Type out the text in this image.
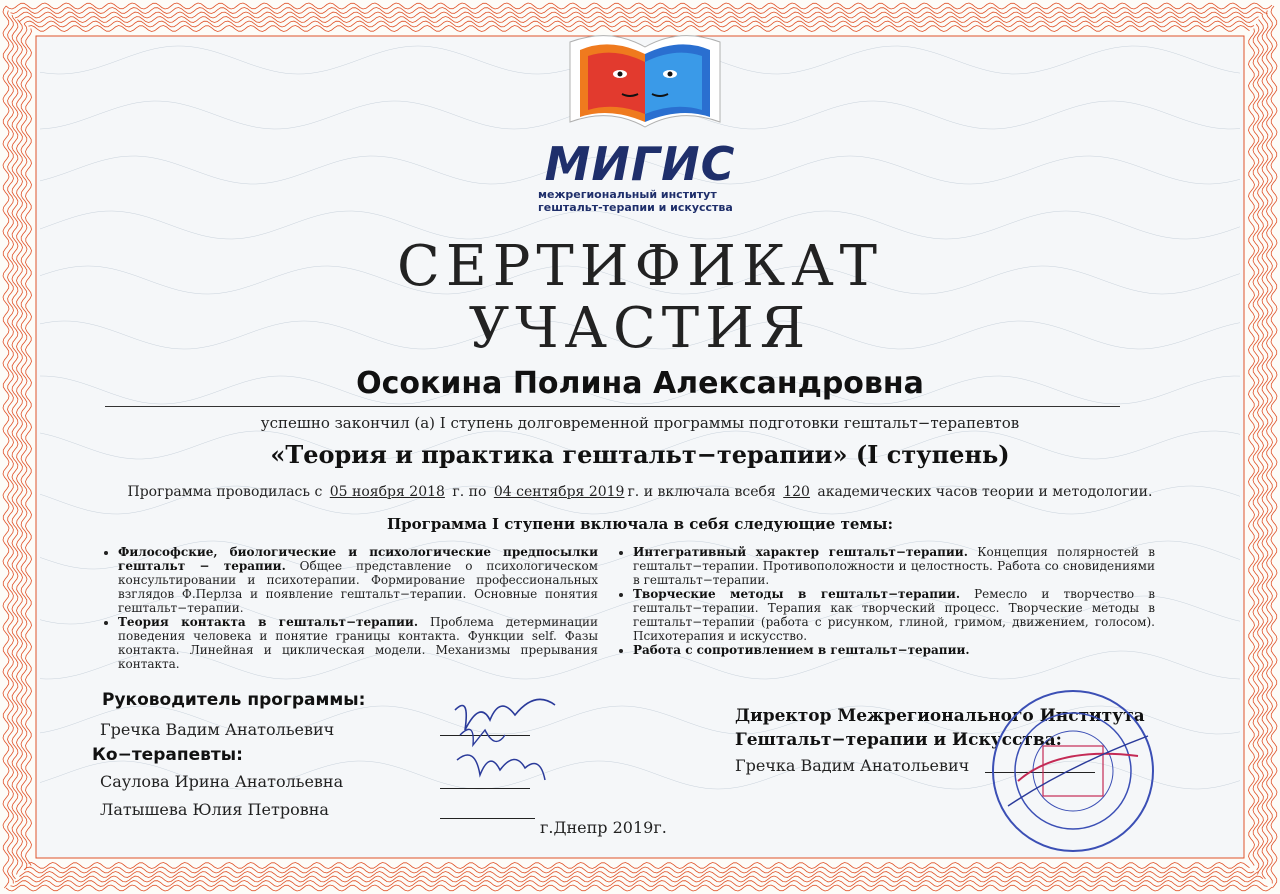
МИГИС
межрегиональный институт
гештальт-терапии и искусства
СЕРТИФИКАТ
УЧАСТИЯ
Осокина Полина Александровна
успешно закончил (а) I ступень долговременной программы подготовки гештальт−терапевтов
«Теория и практика гештальт−терапии» (I ступень)
Программа проводилась с 05 ноября 2018 г. по 04 сентября 2019 г. и включала всебя 120 академических часов теории и методологии.
Программа I ступени включала в себя следующие темы:
• Философские, биологические и психологические предпосылки гештальт − терапии. Общее представление о психологическом консультировании и психотерапии. Формирование профессиональных взглядов Ф.Перлза и появление гештальт−терапии. Основные понятия гештальт−терапии.
• Теория контакта в гештальт−терапии. Проблема детерминации поведения человека и понятие границы контакта. Функции self. Фазы контакта. Линейная и циклическая модели. Механизмы прерывания контакта.
• Интегративный характер гештальт−терапии. Концепция полярностей в гештальт−терапии. Противоположности и целостность. Работа со сновидениями в гештальт−терапии.
• Творческие методы в гештальт−терапии. Ремесло и творчество в гештальт−терапии. Терапия как творческий процесс. Творческие методы в гештальт−терапии (работа с рисунком, глиной, гримом, движением, голосом). Психотерапия и искусство.
• Работа с сопротивлением в гештальт−терапии.
Руководитель программы:
Гречка Вадим Анатольевич
Ко−терапевты:
Саулова Ирина Анатольевна
Латышева Юлия Петровна
г.Днепр 2019г.
Директор Межрегионального Института
Гештальт−терапии и Искусства:
Гречка Вадим Анатольевич
